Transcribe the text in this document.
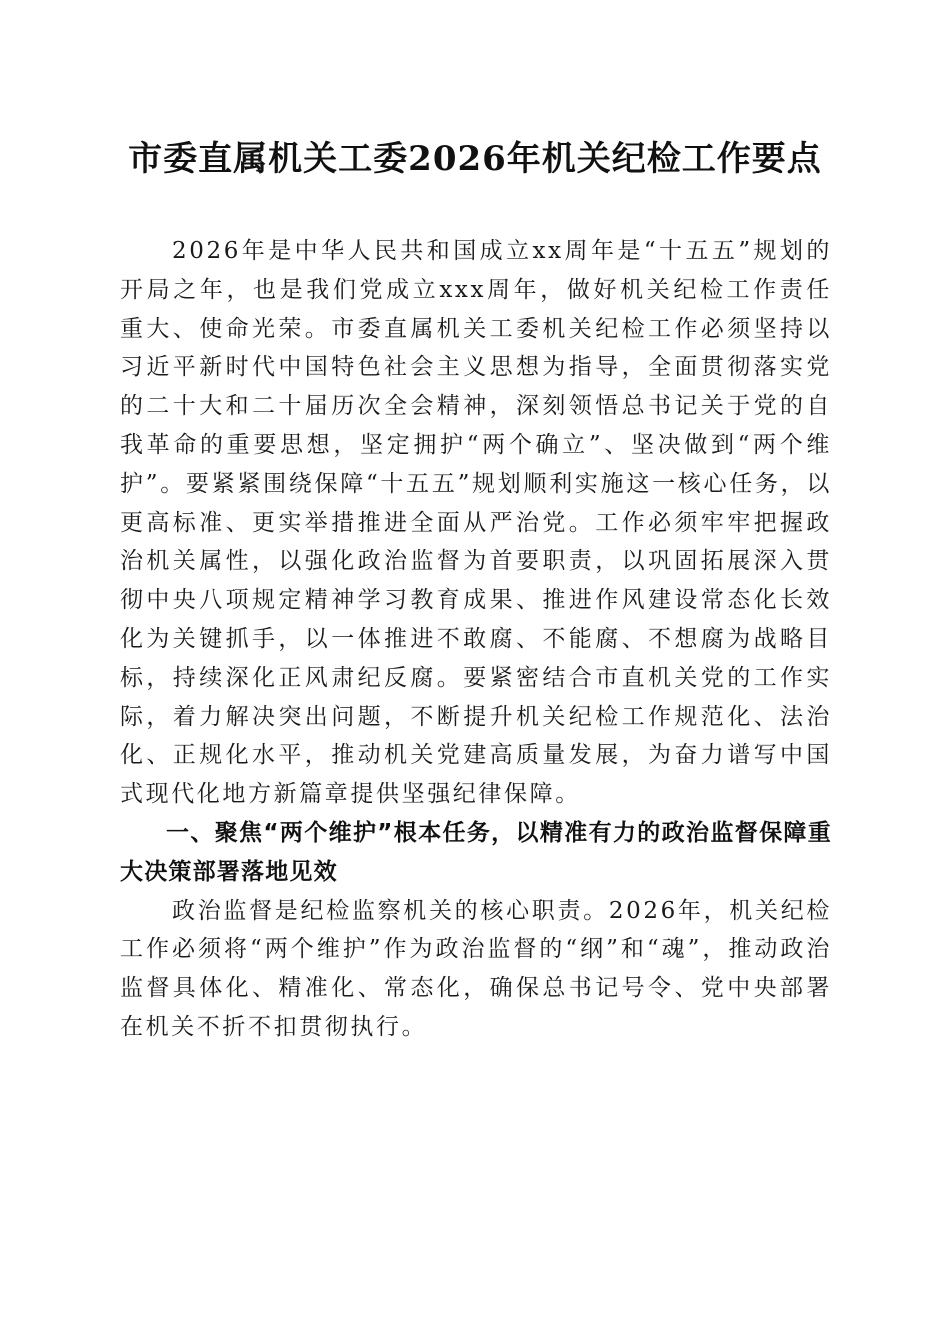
市委直属机关工委2026年机关纪检工作要点

2026年是中华人民共和国成立xx周年是“十五五”规划的开局之年，也是我们党成立xxx周年，做好机关纪检工作责任重大、使命光荣。市委直属机关工委机关纪检工作必须坚持以习近平新时代中国特色社会主义思想为指导，全面贯彻落实党的二十大和二十届历次全会精神，深刻领悟总书记关于党的自我革命的重要思想，坚定拥护“两个确立”、坚决做到“两个维护”。要紧紧围绕保障“十五五”规划顺利实施这一核心任务，以更高标准、更实举措推进全面从严治党。工作必须牢牢把握政治机关属性，以强化政治监督为首要职责，以巩固拓展深入贯彻中央八项规定精神学习教育成果、推进作风建设常态化长效化为关键抓手，以一体推进不敢腐、不能腐、不想腐为战略目标，持续深化正风肃纪反腐。要紧密结合市直机关党的工作实际，着力解决突出问题，不断提升机关纪检工作规范化、法治化、正规化水平，推动机关党建高质量发展，为奋力谱写中国式现代化地方新篇章提供坚强纪律保障。

一、聚焦“两个维护”根本任务，以精准有力的政治监督保障重大决策部署落地见效

政治监督是纪检监察机关的核心职责。2026年，机关纪检工作必须将“两个维护”作为政治监督的“纲”和“魂”，推动政治监督具体化、精准化、常态化，确保总书记号令、党中央部署在机关不折不扣贯彻执行。
